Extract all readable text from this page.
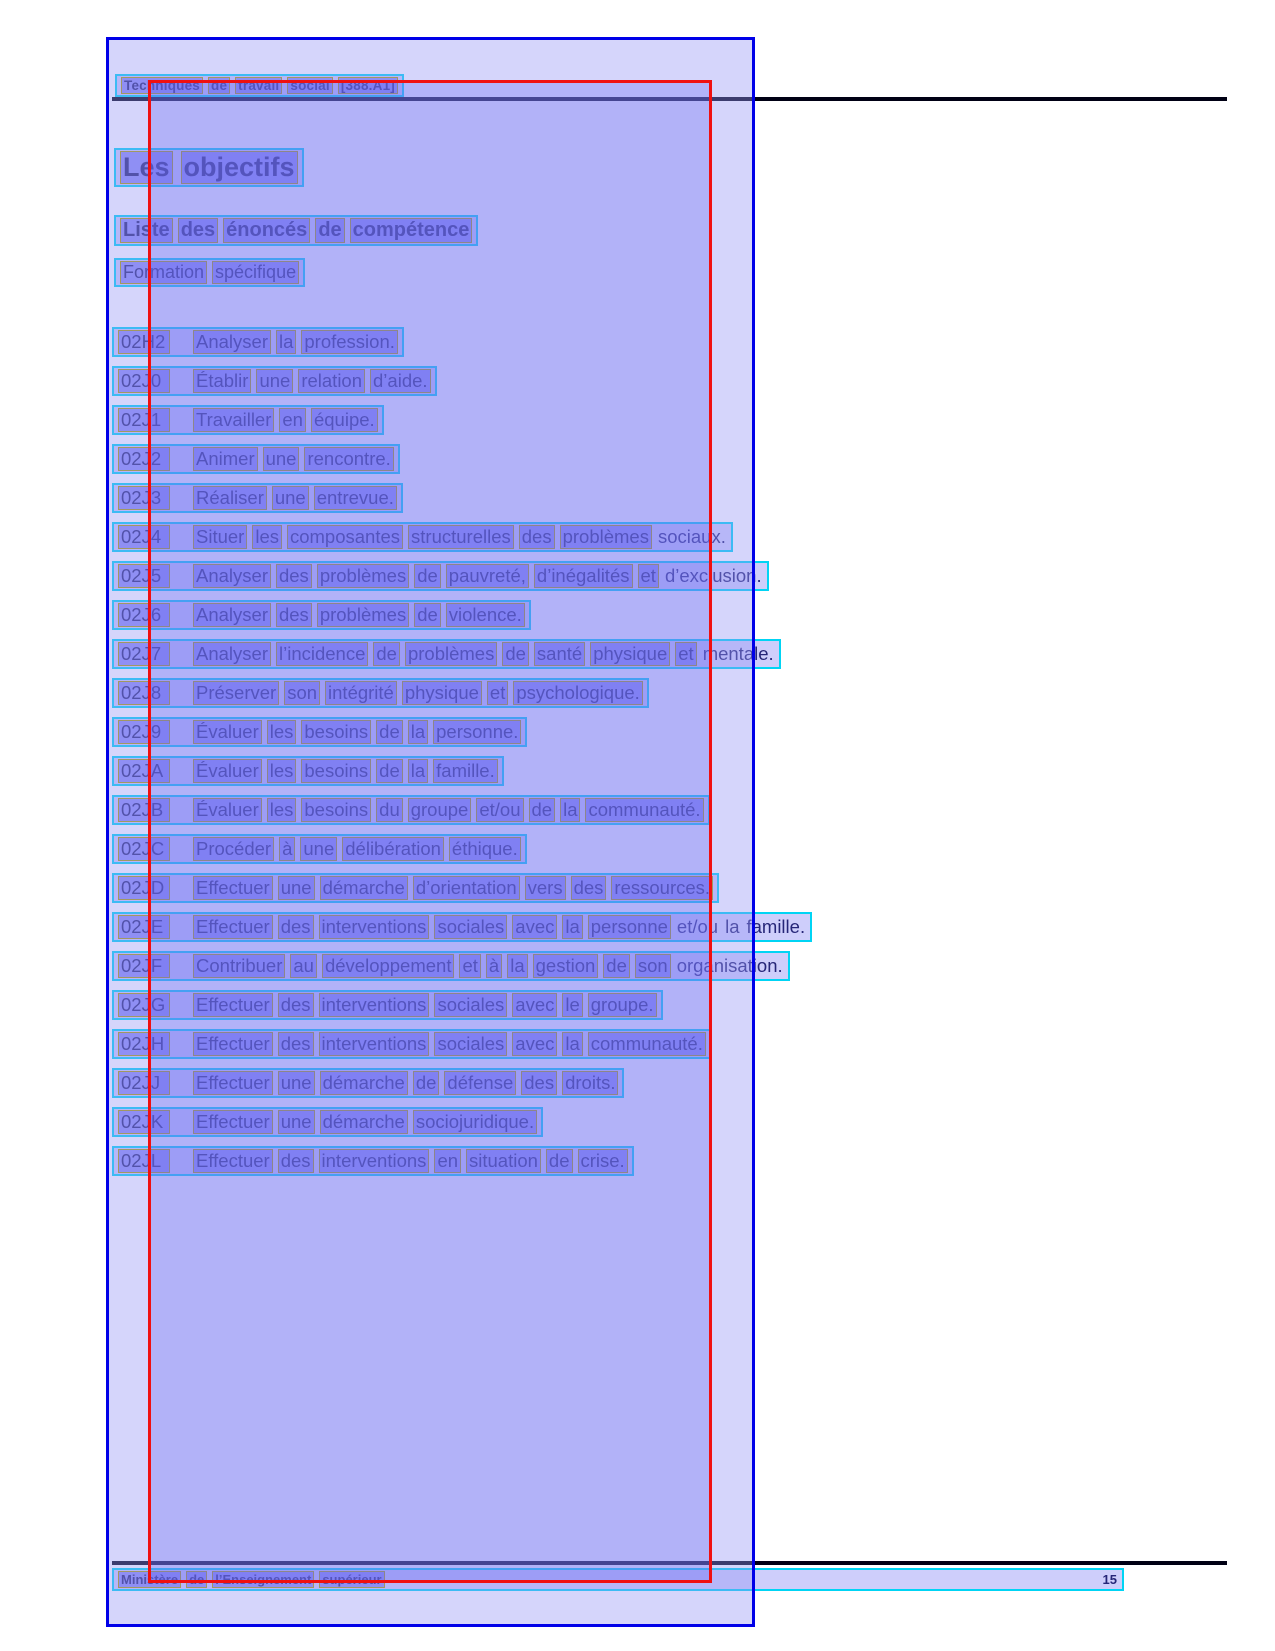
Techniques de travail social [388.A1]
Les objectifs
Liste des énoncés de compétence
Formation spécifique
02H2 Analyser la profession.
02J0	Établir une relation d’aide.
02J1	Travailler en équipe.
02J2	Animer une rencontre.
02J3	Réaliser une entrevue.
02J4	Situer les composantes structurelles des problèmes sociaux.
02J5	Analyser des problèmes de pauvreté, d’inégalités et d’exclusion.
02J6	Analyser des problèmes de violence.
02J7	Analyser l’incidence de problèmes de santé physique et mentale.
02J8	Préserver son intégrité physique et psychologique.
02J9	Évaluer les besoins de la personne.
02JA	Évaluer les besoins de la famille.
02JB	Évaluer les besoins du groupe et/ou de la communauté.
02JC	Procéder à une délibération éthique.
02JD	Effectuer une démarche d’orientation vers des ressources.
02JE	Effectuer des interventions sociales avec la personne et/ou la famille.
02JF	Contribuer au développement et à la gestion de son organisation.
02JG Effectuer des interventions sociales avec le groupe.
02JH	Effectuer des interventions sociales avec la communauté.
02JJ	Effectuer une démarche de défense des droits.
02JK	Effectuer une démarche sociojuridique.
02JL	Effectuer des interventions en situation de crise.
Ministère de l’Enseignement supérieur	15
